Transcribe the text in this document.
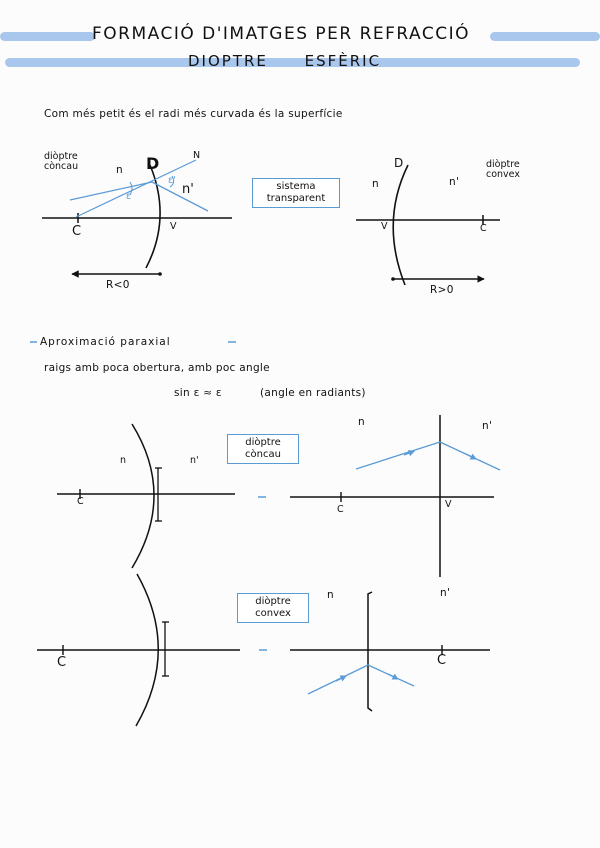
FORMACIÓ D'IMATGES PER REFRACCIÓ
DIOPTRE ESFÈRIC
Com més petit és el radi més curvada és la superfície
diòptre
còncau	n D	N
ε'
n'
ε
C	V
R<0
sistema
transparent
D
n	n'
diòptre
convex
V	C
R>0
Aproximació paraxial
raigs amb poca obertura, amb poc angle
sin ε ≈ ε	(angle en radiants)
n	n'
C
diòptre
còncau
n	n'
C	V
C
diòptre
convex
n	n'
C
